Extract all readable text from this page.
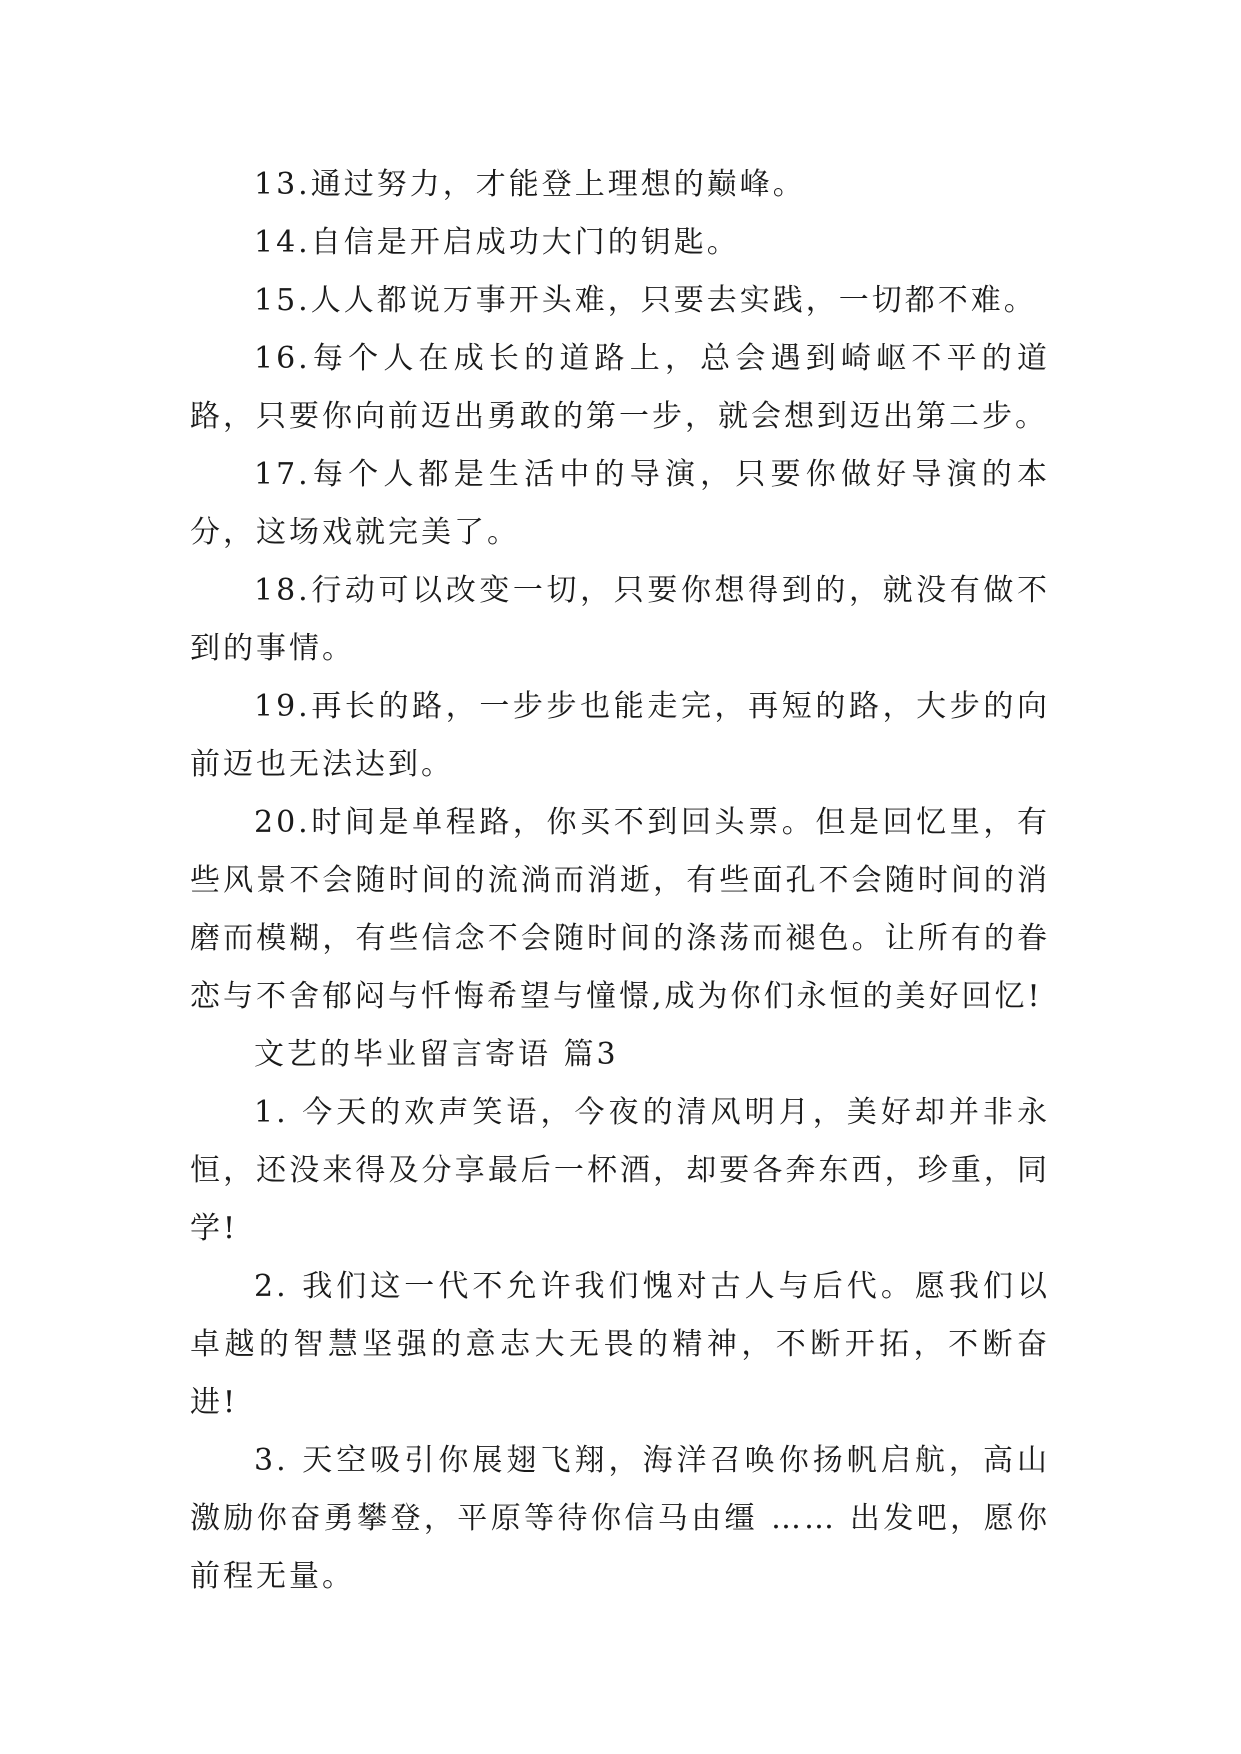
13.通过努力，才能登上理想的巅峰。

14.自信是开启成功大门的钥匙。

15.人人都说万事开头难，只要去实践，一切都不难。

16.每个人在成长的道路上，总会遇到崎岖不平的道路，只要你向前迈出勇敢的第一步，就会想到迈出第二步。

17.每个人都是生活中的导演，只要你做好导演的本分，这场戏就完美了。

18.行动可以改变一切，只要你想得到的，就没有做不到的事情。

19.再长的路，一步步也能走完，再短的路，大步的向前迈也无法达到。

20.时间是单程路，你买不到回头票。但是回忆里，有些风景不会随时间的流淌而消逝，有些面孔不会随时间的消磨而模糊，有些信念不会随时间的涤荡而褪色。让所有的眷恋与不舍郁闷与忏悔希望与憧憬,成为你们永恒的美好回忆!

文艺的毕业留言寄语 篇3

1. 今天的欢声笑语，今夜的清风明月，美好却并非永恒，还没来得及分享最后一杯酒，却要各奔东西，珍重，同学!

2. 我们这一代不允许我们愧对古人与后代。愿我们以卓越的智慧坚强的意志大无畏的精神，不断开拓，不断奋进!

3. 天空吸引你展翅飞翔，海洋召唤你扬帆启航，高山激励你奋勇攀登，平原等待你信马由缰 …… 出发吧，愿你前程无量。
